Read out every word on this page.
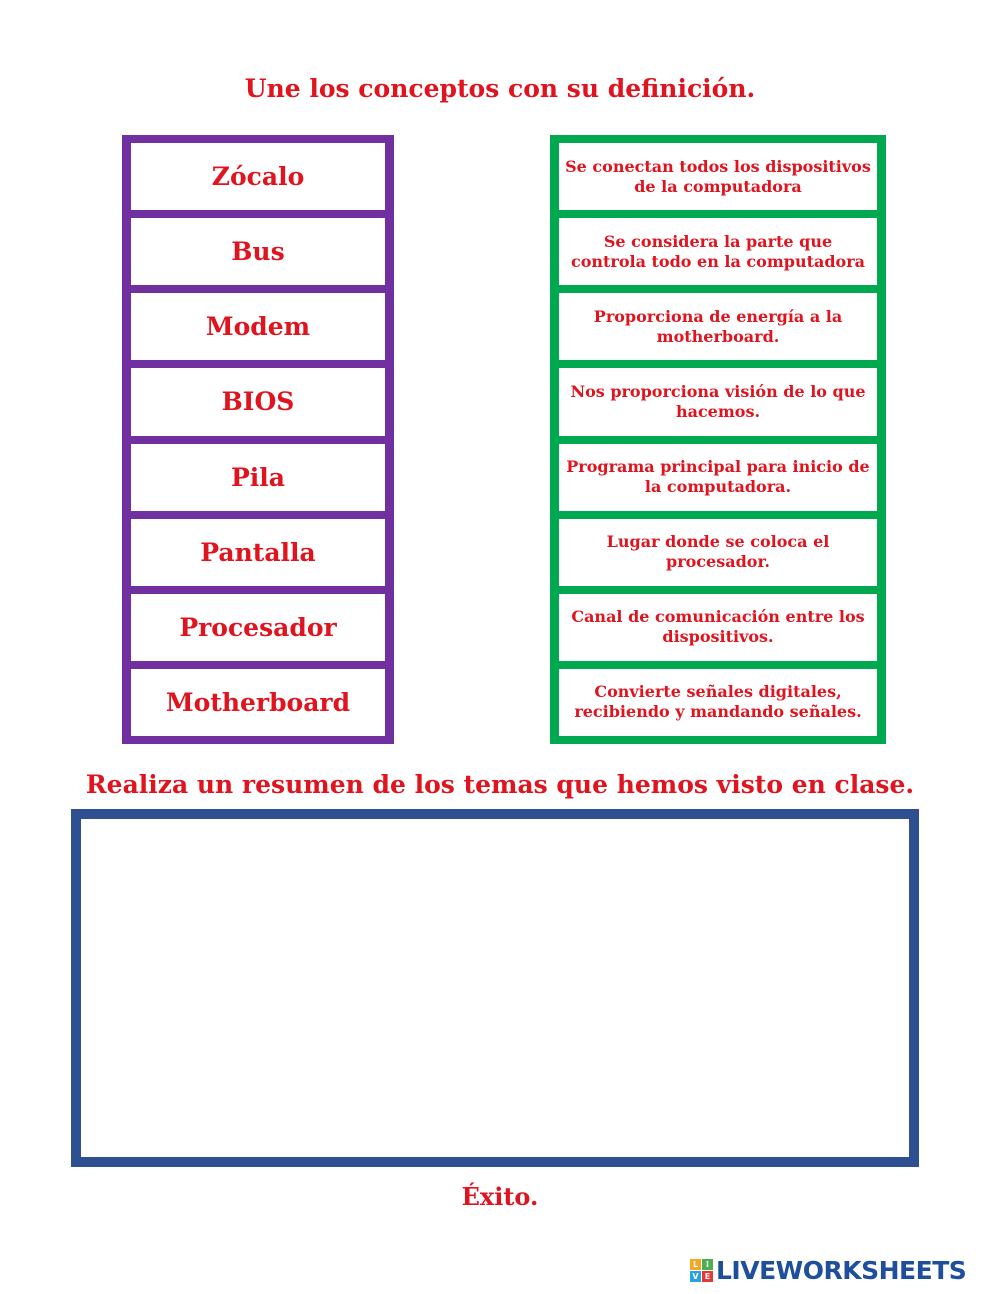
Une los conceptos con su definición.
Zócalo
Bus
Modem
BIOS
Pila
Pantalla
Procesador
Motherboard
Se conectan todos los dispositivos de la computadora
Se considera la parte que controla todo en la computadora
Proporciona de energía a la motherboard.
Nos proporciona visión de lo que hacemos.
Programa principal para inicio de la computadora.
Lugar donde se coloca el procesador.
Canal de comunicación entre los dispositivos.
Convierte señales digitales, recibiendo y mandando señales.
Realiza un resumen de los temas que hemos visto en clase.
Éxito.
L I
V E LIVEWORKSHEETS
